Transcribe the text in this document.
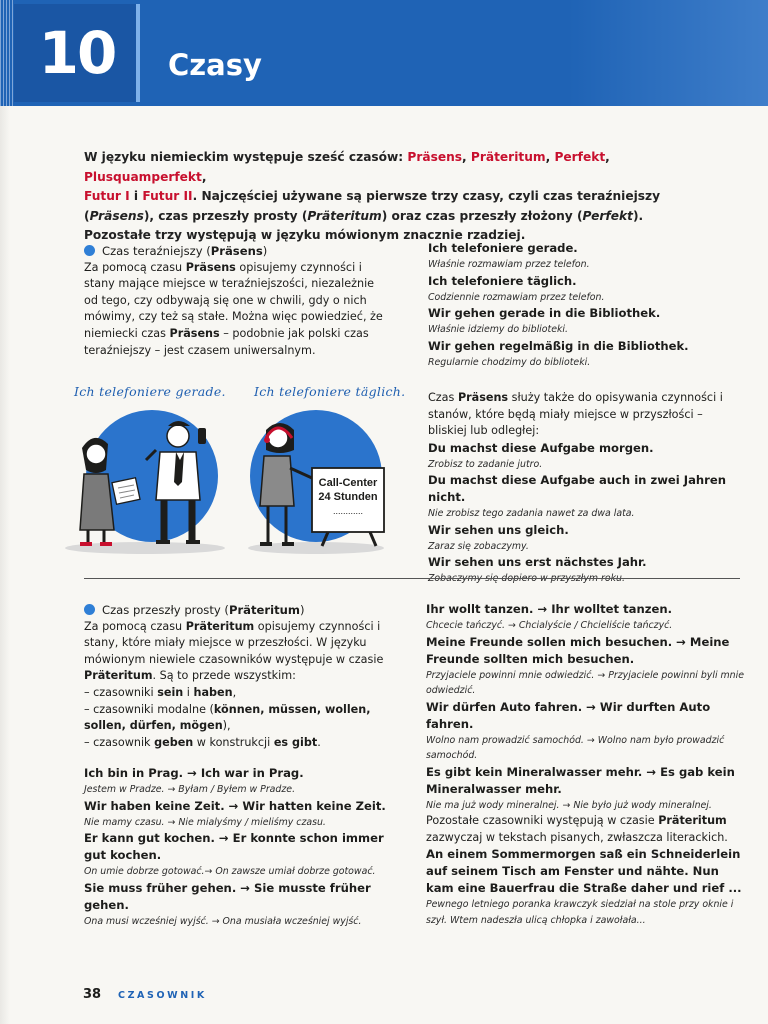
10	Czasy
W języku niemieckim występuje sześć czasów: Präsens, Präteritum, Perfekt, Plusquamperfekt,
Futur I i Futur II. Najczęściej używane są pierwsze trzy czasy, czyli czas teraźniejszy (Präsens), czas przeszły prosty (Präteritum) oraz czas przeszły złożony (Perfekt). Pozostałe trzy występują w języku mówionym znacznie rzadziej.

Czas teraźniejszy (Präsens)

Za pomocą czasu Präsens opisujemy czynności i stany mające miejsce w teraźniejszości, niezależnie od tego, czy odbywają się one w chwili, gdy o nich mówimy, czy też są stałe. Można więc powiedzieć, że niemiecki czas Präsens – podobnie jak polski czas teraźniejszy – jest czasem uniwersalnym.

Ich telefoniere gerade.
Właśnie rozmawiam przez telefon.
Ich telefoniere täglich.
Codziennie rozmawiam przez telefon.
Wir gehen gerade in die Bibliothek.
Właśnie idziemy do biblioteki.
Wir gehen regelmäßig in die Bibliothek.
Regularnie chodzimy do biblioteki.

Czas Präsens służy także do opisywania czynności i stanów, które będą miały miejsce w przyszłości – bliskiej lub odległej:

Du machst diese Aufgabe morgen.
Zrobisz to zadanie jutro.
Du machst diese Aufgabe auch in zwei Jahren nicht.
Nie zrobisz tego zadania nawet za dwa lata.
Wir sehen uns gleich.
Zaraz się zobaczymy.
Wir sehen uns erst nächstes Jahr.
Ich telefoniere gerade. Ich telefoniere täglich.
Call-Center
24 Stunden
............

Czas przeszły prosty (Präteritum)

Za pomocą czasu Präteritum opisujemy czynności i stany, które miały miejsce w przeszłości. W języku mówionym niewiele czasowników występuje w czasie Präteritum. Są to przede wszystkim:

– czasowniki sein i haben,

– czasowniki modalne (können, müssen, wollen, sollen, dürfen, mögen),

– czasownik geben w konstrukcji es gibt.

Ich bin in Prag. → Ich war in Prag.
Jestem w Pradze. → Byłam / Byłem w Pradze.
Wir haben keine Zeit. → Wir hatten keine Zeit.
Nie mamy czasu. → Nie mialyśmy / mieliśmy czasu.
Er kann gut kochen. → Er konnte schon immer gut kochen.
On umie dobrze gotować.→ On zawsze umiał dobrze gotować.
Sie muss früher gehen. → Sie musste früher gehen.
Ona musi wcześniej wyjść. → Ona musiała wcześniej wyjść.
Ihr wollt tanzen. → Ihr wolltet tanzen.
Chcecie tańczyć. → Chcialyście / Chcieliście tańczyć.
Meine Freunde sollen mich besuchen. → Meine Freunde sollten mich besuchen.
Przyjaciele powinni mnie odwiedzić. → Przyjaciele powinni byli mnie odwiedzić.
Wir dürfen Auto fahren. → Wir durften Auto fahren.
Wolno nam prowadzić samochód. → Wolno nam było prowadzić samochód.
Es gibt kein Mineralwasser mehr. → Es gab kein Mineralwasser mehr.
Nie ma już wody mineralnej. → Nie było już wody mineralnej.

Pozostałe czasowniki występują w czasie Präteritum zazwyczaj w tekstach pisanych, zwłaszcza literackich.

An einem Sommermorgen saß ein Schneiderlein auf seinem Tisch am Fenster und nähte. Nun kam eine Bauerfrau die Straße daher und rief ...
Pewnego letniego poranka krawczyk siedział na stole przy oknie i szył. Wtem nadeszła ulicą chłopka i zawołała...
38 CZASOWNIK
